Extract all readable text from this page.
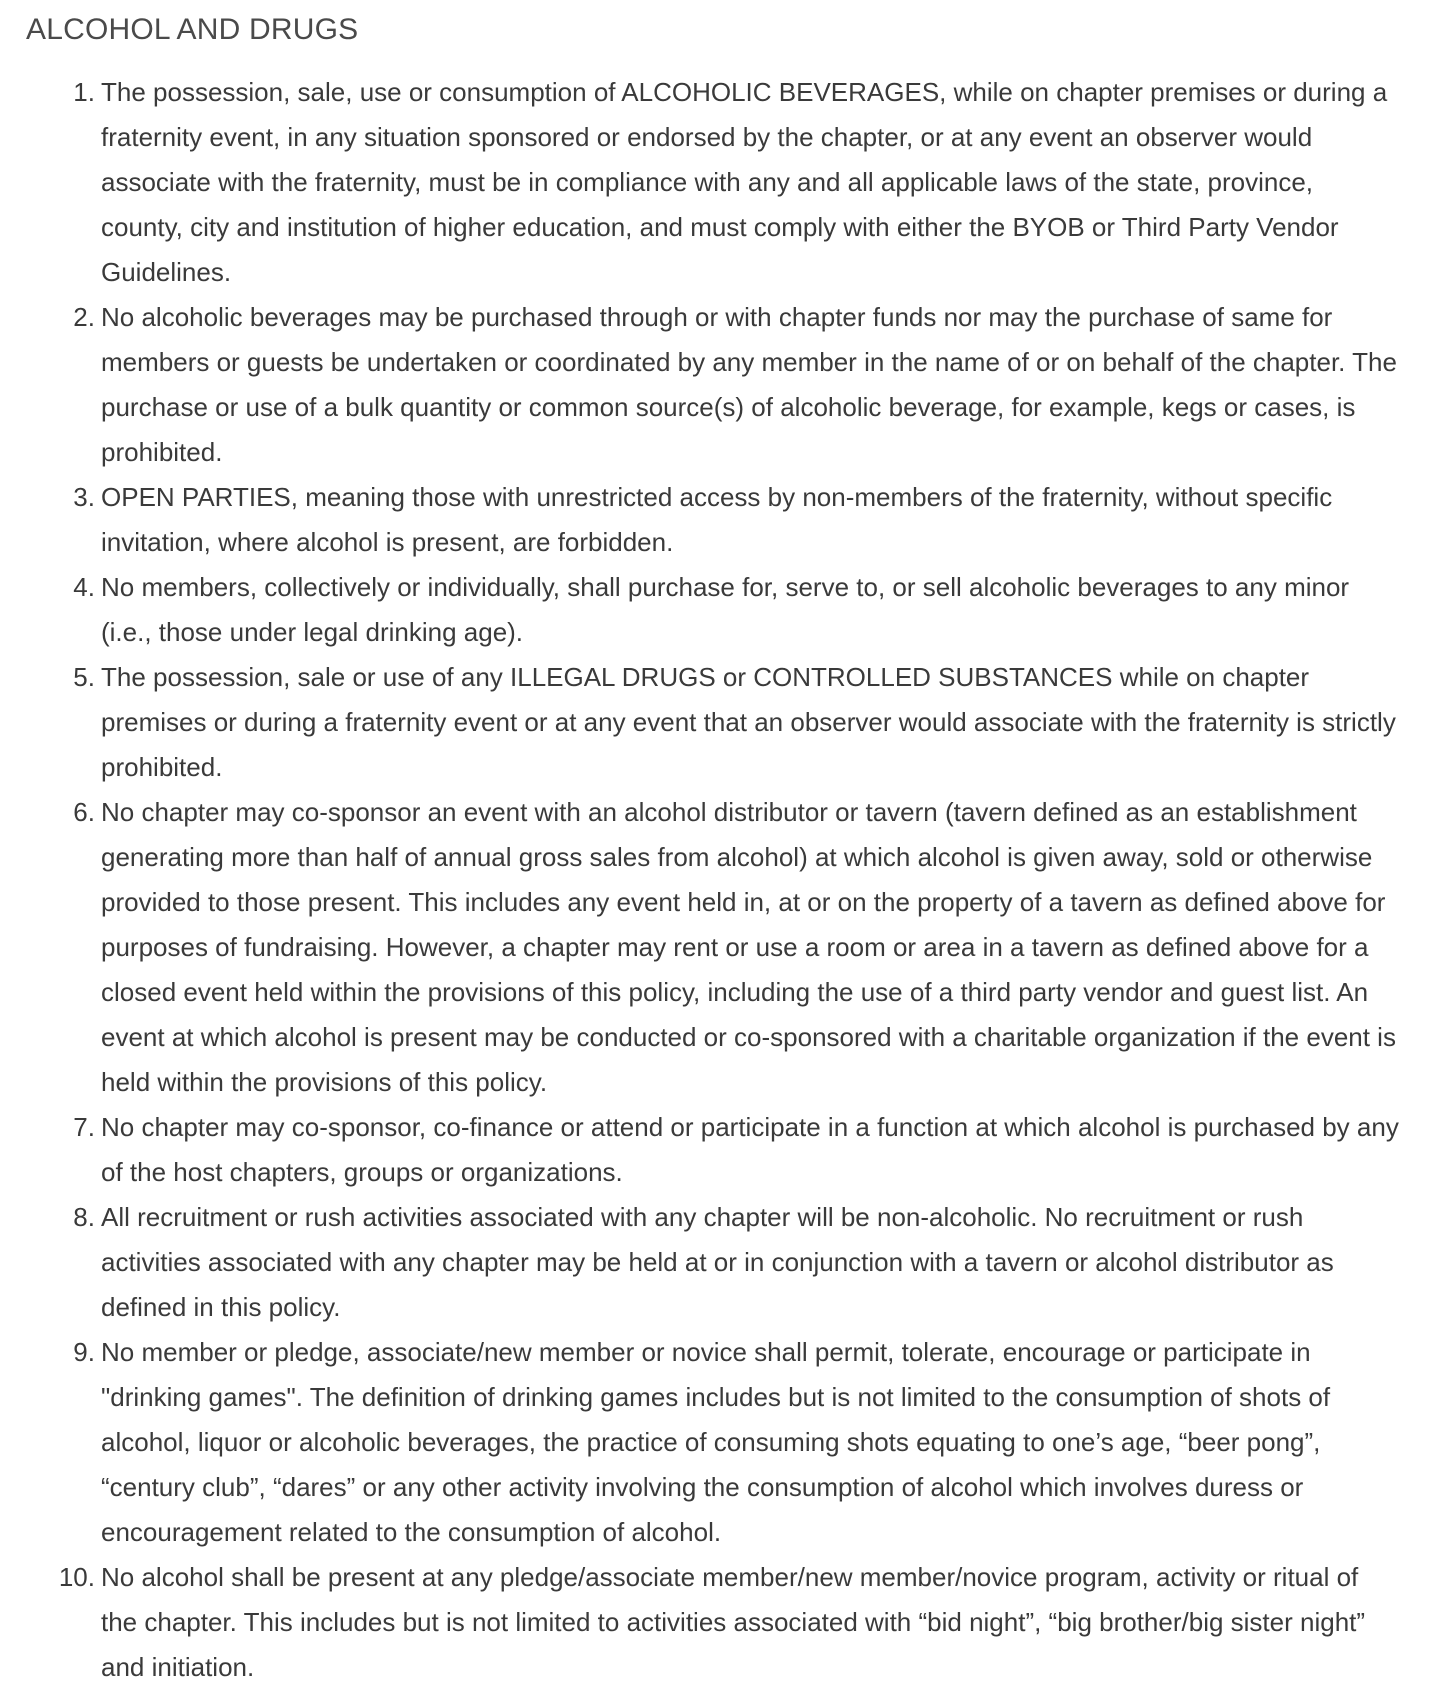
ALCOHOL AND DRUGS
The possession, sale, use or consumption of ALCOHOLIC BEVERAGES, while on chapter premises or during a fraternity event, in any situation sponsored or endorsed by the chapter, or at any event an observer would associate with the fraternity, must be in compliance with any and all applicable laws of the state, province, county, city and institution of higher education, and must comply with either the BYOB or Third Party Vendor Guidelines.
No alcoholic beverages may be purchased through or with chapter funds nor may the purchase of same for members or guests be undertaken or coordinated by any member in the name of or on behalf of the chapter. The purchase or use of a bulk quantity or common source(s) of alcoholic beverage, for example, kegs or cases, is prohibited.
OPEN PARTIES, meaning those with unrestricted access by non-members of the fraternity, without specific invitation, where alcohol is present, are forbidden.
No members, collectively or individually, shall purchase for, serve to, or sell alcoholic beverages to any minor (i.e., those under legal drinking age).
The possession, sale or use of any ILLEGAL DRUGS or CONTROLLED SUBSTANCES while on chapter premises or during a fraternity event or at any event that an observer would associate with the fraternity is strictly prohibited.
No chapter may co-sponsor an event with an alcohol distributor or tavern (tavern defined as an establishment generating more than half of annual gross sales from alcohol) at which alcohol is given away, sold or otherwise provided to those present. This includes any event held in, at or on the property of a tavern as defined above for purposes of fundraising. However, a chapter may rent or use a room or area in a tavern as defined above for a closed event held within the provisions of this policy, including the use of a third party vendor and guest list. An event at which alcohol is present may be conducted or co-sponsored with a charitable organization if the event is held within the provisions of this policy.
No chapter may co-sponsor, co-finance or attend or participate in a function at which alcohol is purchased by any of the host chapters, groups or organizations.
All recruitment or rush activities associated with any chapter will be non-alcoholic. No recruitment or rush activities associated with any chapter may be held at or in conjunction with a tavern or alcohol distributor as defined in this policy.
No member or pledge, associate/new member or novice shall permit, tolerate, encourage or participate in "drinking games". The definition of drinking games includes but is not limited to the consumption of shots of alcohol, liquor or alcoholic beverages, the practice of consuming shots equating to one’s age, “beer pong”, “century club”, “dares” or any other activity involving the consumption of alcohol which involves duress or encouragement related to the consumption of alcohol.
No alcohol shall be present at any pledge/associate member/new member/novice program, activity or ritual of the chapter. This includes but is not limited to activities associated with “bid night”, “big brother/big sister night” and initiation.
